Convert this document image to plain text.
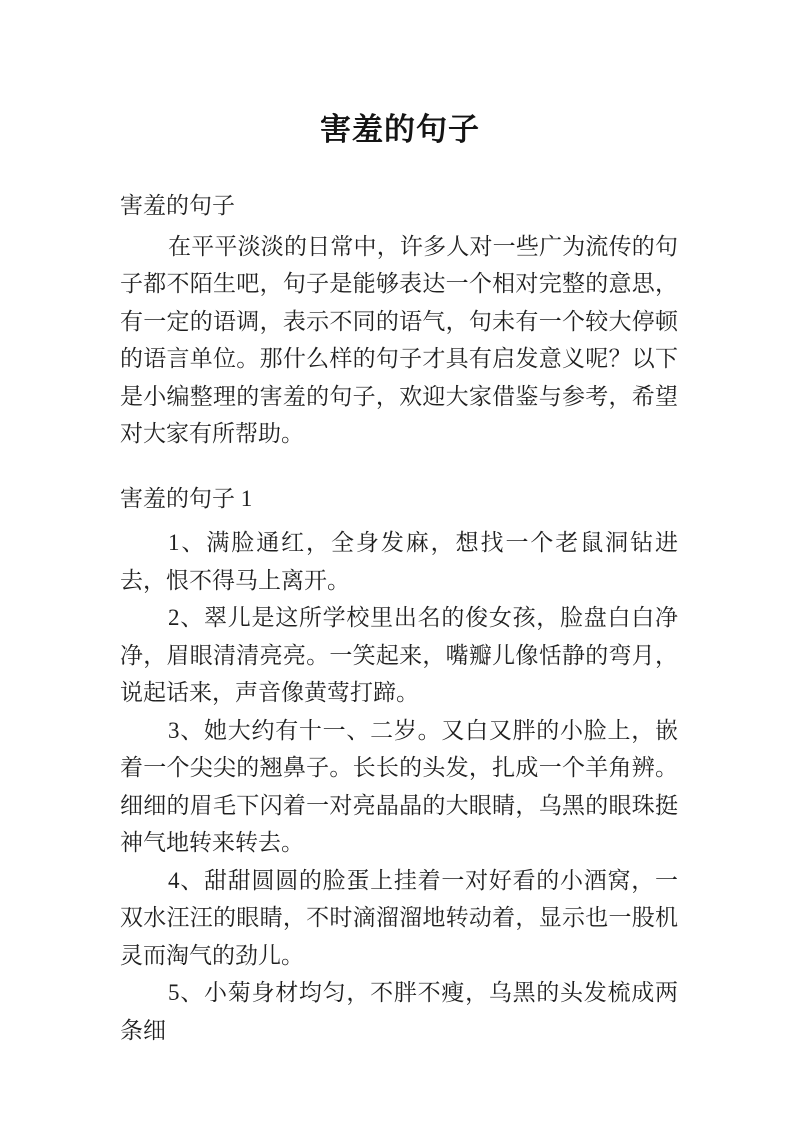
害羞的句子

害羞的句子

在平平淡淡的日常中，许多人对一些广为流传的句子都不陌生吧，句子是能够表达一个相对完整的意思，有一定的语调，表示不同的语气，句未有一个较大停顿的语言单位。那什么样的句子才具有启发意义呢？以下是小编整理的害羞的句子，欢迎大家借鉴与参考，希望对大家有所帮助。

害羞的句子 1

1、满脸通红，全身发麻，想找一个老鼠洞钻进去，恨不得马上离开。

2、翠儿是这所学校里出名的俊女孩，脸盘白白净净，眉眼清清亮亮。一笑起来，嘴瓣儿像恬静的弯月，说起话来，声音像黄莺打蹄。

3、她大约有十一、二岁。又白又胖的小脸上，嵌着一个尖尖的翘鼻子。长长的头发，扎成一个羊角辨。细细的眉毛下闪着一对亮晶晶的大眼睛，乌黑的眼珠挺神气地转来转去。

4、甜甜圆圆的脸蛋上挂着一对好看的小酒窝，一双水汪汪的眼睛，不时滴溜溜地转动着，显示也一股机灵而淘气的劲儿。

5、小菊身材均匀，不胖不瘦，乌黑的头发梳成两条细
